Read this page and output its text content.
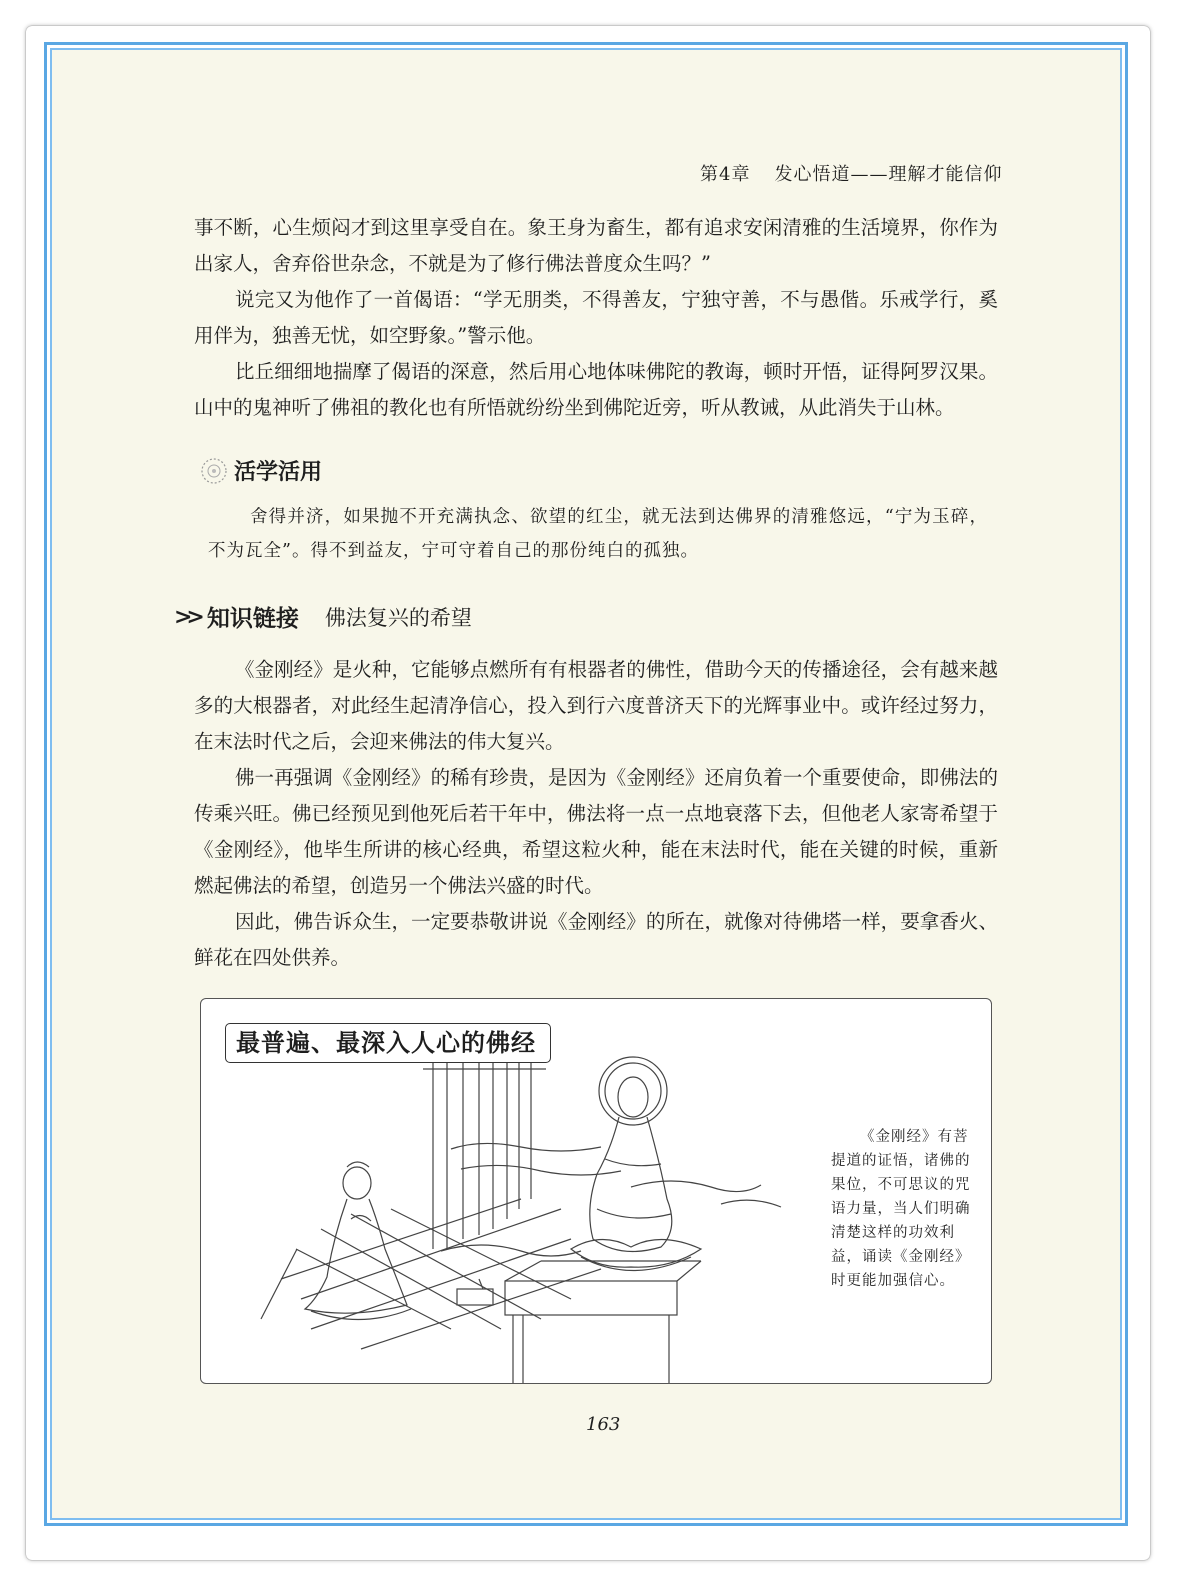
第4章 发心悟道——理解才能信仰

事不断，心生烦闷才到这里享受自在。象王身为畜生，都有追求安闲清雅的生活境界，你作为出家人，舍弃俗世杂念，不就是为了修行佛法普度众生吗？”

说完又为他作了一首偈语：“学无朋类，不得善友，宁独守善，不与愚偕。乐戒学行，奚用伴为，独善无忧，如空野象。”警示他。

比丘细细地揣摩了偈语的深意，然后用心地体味佛陀的教诲，顿时开悟，证得阿罗汉果。山中的鬼神听了佛祖的教化也有所悟就纷纷坐到佛陀近旁，听从教诫，从此消失于山林。

活学活用

舍得并济，如果抛不开充满执念、欲望的红尘，就无法到达佛界的清雅悠远，“宁为玉碎，不为瓦全”。得不到益友，宁可守着自己的那份纯白的孤独。

>> 知识链接 佛法复兴的希望

《金刚经》是火种，它能够点燃所有有根器者的佛性，借助今天的传播途径，会有越来越多的大根器者，对此经生起清净信心，投入到行六度普济天下的光辉事业中。或许经过努力，在末法时代之后，会迎来佛法的伟大复兴。

佛一再强调《金刚经》的稀有珍贵，是因为《金刚经》还肩负着一个重要使命，即佛法的传乘兴旺。佛已经预见到他死后若干年中，佛法将一点一点地衰落下去，但他老人家寄希望于《金刚经》，他毕生所讲的核心经典，希望这粒火种，能在末法时代，能在关键的时候，重新燃起佛法的希望，创造另一个佛法兴盛的时代。

因此，佛告诉众生，一定要恭敬讲说《金刚经》的所在，就像对待佛塔一样，要拿香火、鲜花在四处供养。

最普遍、最深入人心的佛经

《金刚经》有菩提道的证悟，诸佛的果位，不可思议的咒语力量，当人们明确清楚这样的功效利益，诵读《金刚经》时更能加强信心。

163
